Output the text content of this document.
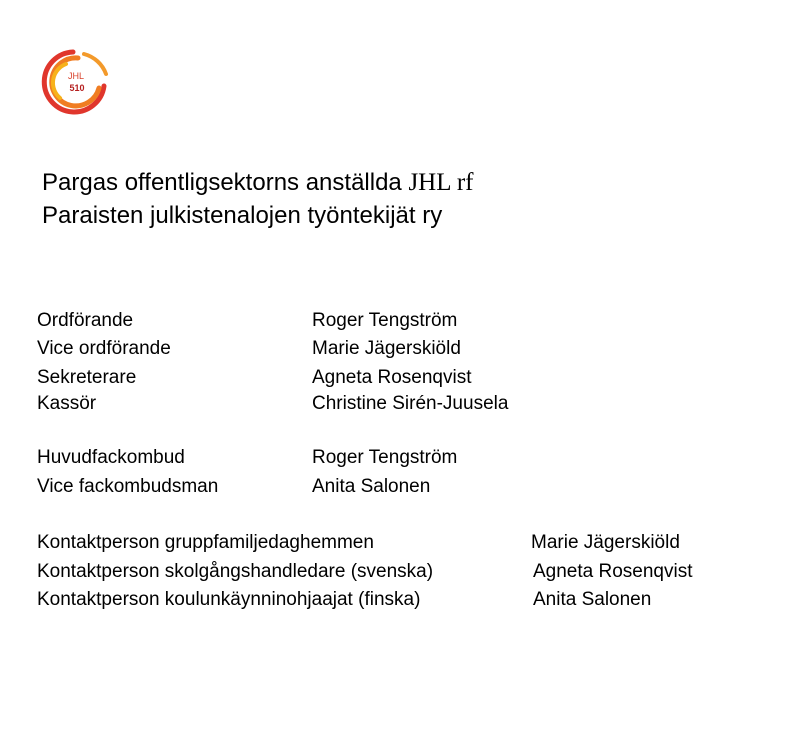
JHL
510
Pargas offentligsektorns anställda JHL rf
Paraisten julkistenalojen työntekijät ry
Ordförande	Roger Tengström
Vice ordförande	Marie Jägerskiöld
Sekreterare	Agneta Rosenqvist
Kassör	Christine Sirén-Juusela
Huvudfackombud	Roger Tengström
Vice fackombudsman	Anita Salonen
Kontaktperson gruppfamiljedaghemmen	Marie Jägerskiöld
Kontaktperson skolgångshandledare (svenska)	Agneta Rosenqvist
Kontaktperson koulunkäynninohjaajat (finska)	Anita Salonen
